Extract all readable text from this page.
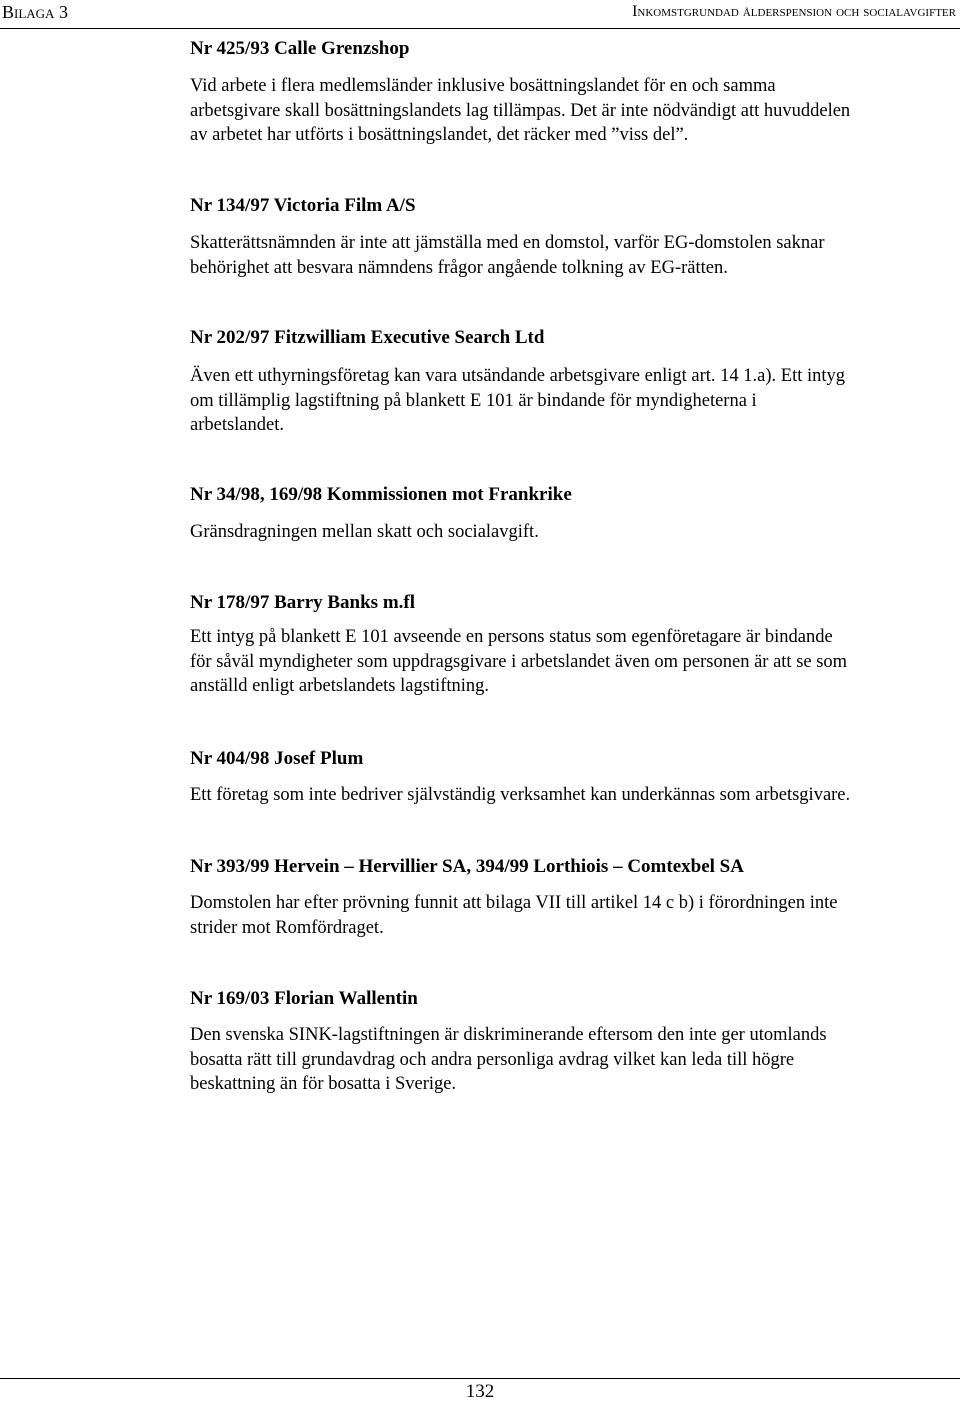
Bilaga 3	Inkomstgrundad ålderspension och socialavgifter
Nr 425/93 Calle Grenzshop

Vid arbete i flera medlemsländer inklusive bosättningslandet för en och samma
arbetsgivare skall bosättningslandets lag tillämpas. Det är inte nödvändigt att huvuddelen
av arbetet har utförts i bosättningslandet, det räcker med ”viss del”.

Nr 134/97 Victoria Film A/S

Skatterättsnämnden är inte att jämställa med en domstol, varför EG-domstolen saknar
behörighet att besvara nämndens frågor angående tolkning av EG-rätten.

Nr 202/97 Fitzwilliam Executive Search Ltd

Även ett uthyrningsföretag kan vara utsändande arbetsgivare enligt art. 14 1.a). Ett intyg
om tillämplig lagstiftning på blankett E 101 är bindande för myndigheterna i
arbetslandet.

Nr 34/98, 169/98 Kommissionen mot Frankrike

Gränsdragningen mellan skatt och socialavgift.

Nr 178/97 Barry Banks m.fl

Ett intyg på blankett E 101 avseende en persons status som egenföretagare är bindande
för såväl myndigheter som uppdragsgivare i arbetslandet även om personen är att se som
anställd enligt arbetslandets lagstiftning.

Nr 404/98 Josef Plum

Ett företag som inte bedriver självständig verksamhet kan underkännas som arbetsgivare.

Nr 393/99 Hervein – Hervillier SA, 394/99 Lorthiois – Comtexbel SA

Domstolen har efter prövning funnit att bilaga VII till artikel 14 c b) i förordningen inte
strider mot Romfördraget.

Nr 169/03 Florian Wallentin

Den svenska SINK-lagstiftningen är diskriminerande eftersom den inte ger utomlands
bosatta rätt till grundavdrag och andra personliga avdrag vilket kan leda till högre
beskattning än för bosatta i Sverige.

132
